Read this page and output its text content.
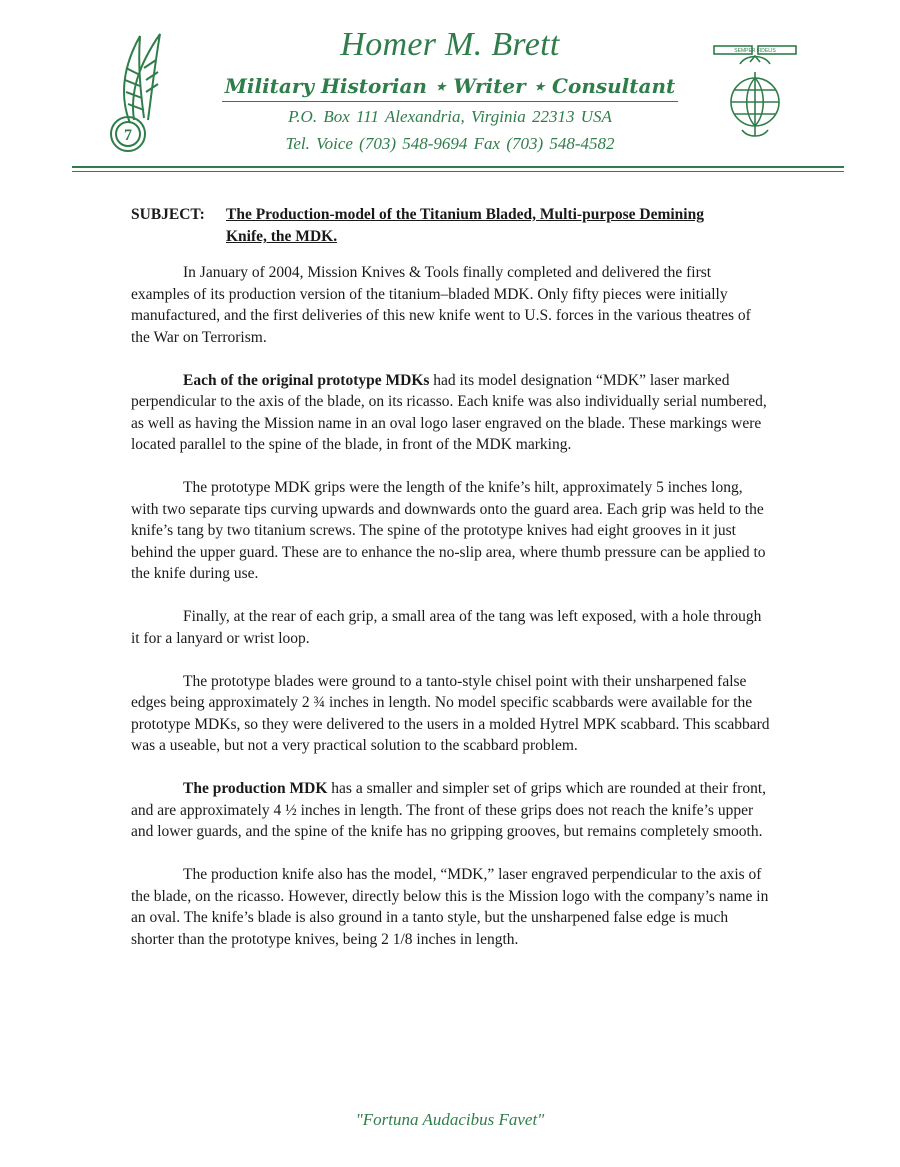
7
SEMPER FIDELIS
Homer M. Brett
Military Historian ⋆ Writer ⋆ Consultant
P.O. Box 111 Alexandria, Virginia 22313 USA
Tel. Voice (703) 548-9694 Fax (703) 548-4582
SUBJECT: The Production-model of the Titanium Bladed, Multi-purpose Demining Knife, the MDK.

In January of 2004, Mission Knives & Tools finally completed and delivered the first examples of its production version of the titanium–bladed MDK. Only fifty pieces were initially manufactured, and the first deliveries of this new knife went to U.S. forces in the various theatres of the War on Terrorism.

Each of the original prototype MDKs had its model designation “MDK” laser marked perpendicular to the axis of the blade, on its ricasso. Each knife was also individually serial numbered, as well as having the Mission name in an oval logo laser engraved on the blade. These markings were located parallel to the spine of the blade, in front of the MDK marking.

The prototype MDK grips were the length of the knife’s hilt, approximately 5 inches long, with two separate tips curving upwards and downwards onto the guard area. Each grip was held to the knife’s tang by two titanium screws. The spine of the prototype knives had eight grooves in it just behind the upper guard. These are to enhance the no-slip area, where thumb pressure can be applied to the knife during use.

Finally, at the rear of each grip, a small area of the tang was left exposed, with a hole through it for a lanyard or wrist loop.

The prototype blades were ground to a tanto-style chisel point with their unsharpened false edges being approximately 2 ¾ inches in length. No model specific scabbards were available for the prototype MDKs, so they were delivered to the users in a molded Hytrel MPK scabbard. This scabbard was a useable, but not a very practical solution to the scabbard problem.

The production MDK has a smaller and simpler set of grips which are rounded at their front, and are approximately 4 ½ inches in length. The front of these grips does not reach the knife’s upper and lower guards, and the spine of the knife has no gripping grooves, but remains completely smooth.

The production knife also has the model, “MDK,” laser engraved perpendicular to the axis of the blade, on the ricasso. However, directly below this is the Mission logo with the company’s name in an oval. The knife’s blade is also ground in a tanto style, but the unsharpened false edge is much shorter than the prototype knives, being 2 1/8 inches in length.

"Fortuna Audacibus Favet"
